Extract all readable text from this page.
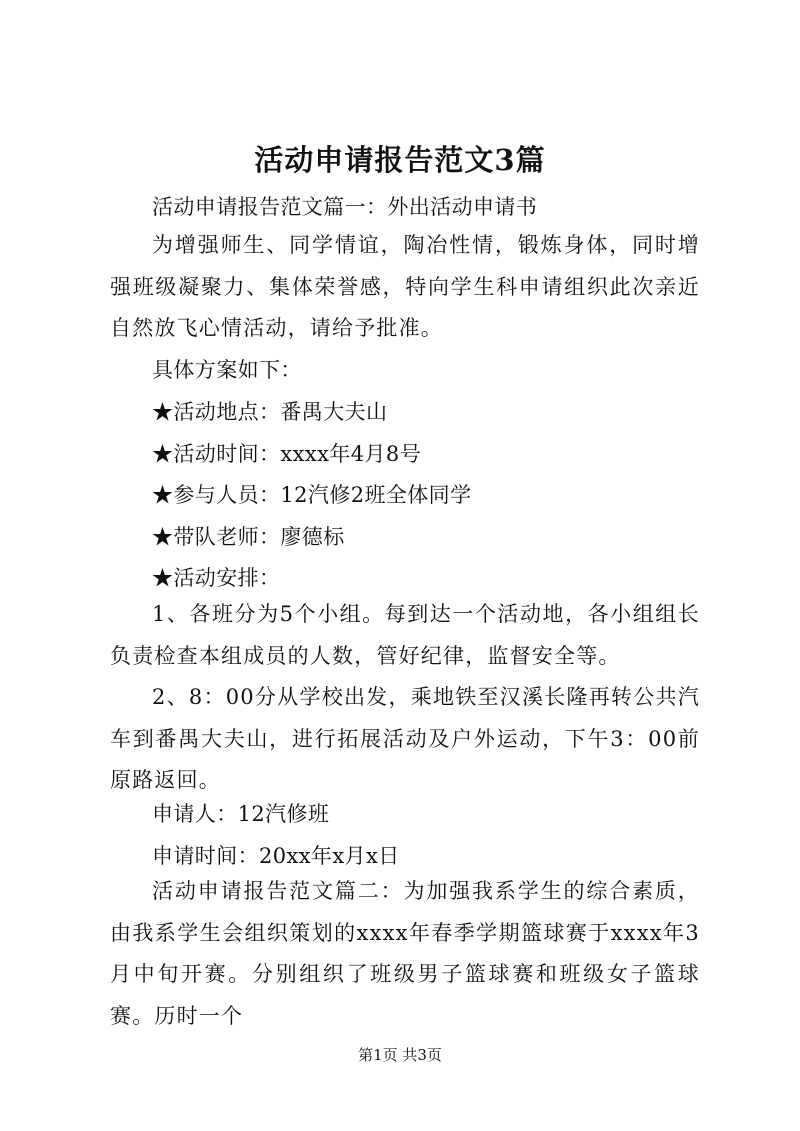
活动申请报告范文3篇
活动申请报告范文篇一：外出活动申请书
为增强师生、同学情谊，陶冶性情，锻炼身体，同时增强班级凝聚力、集体荣誉感，特向学生科申请组织此次亲近自然放飞心情活动，请给予批准。
具体方案如下：
★活动地点：番禺大夫山
★活动时间：xxxx年4月8号
★参与人员：12汽修2班全体同学
★带队老师：廖德标
★活动安排：
1、各班分为5个小组。每到达一个活动地，各小组组长负责检查本组成员的人数，管好纪律，监督安全等。
2、8：00分从学校出发，乘地铁至汉溪长隆再转公共汽车到番禺大夫山，进行拓展活动及户外运动，下午3：00前原路返回。
申请人：12汽修班
申请时间：20xx年x月x日
活动申请报告范文篇二：为加强我系学生的综合素质，由我系学生会组织策划的xxxx年春季学期篮球赛于xxxx年3月中旬开赛。分别组织了班级男子篮球赛和班级女子篮球赛。历时一个
第1页 共3页
